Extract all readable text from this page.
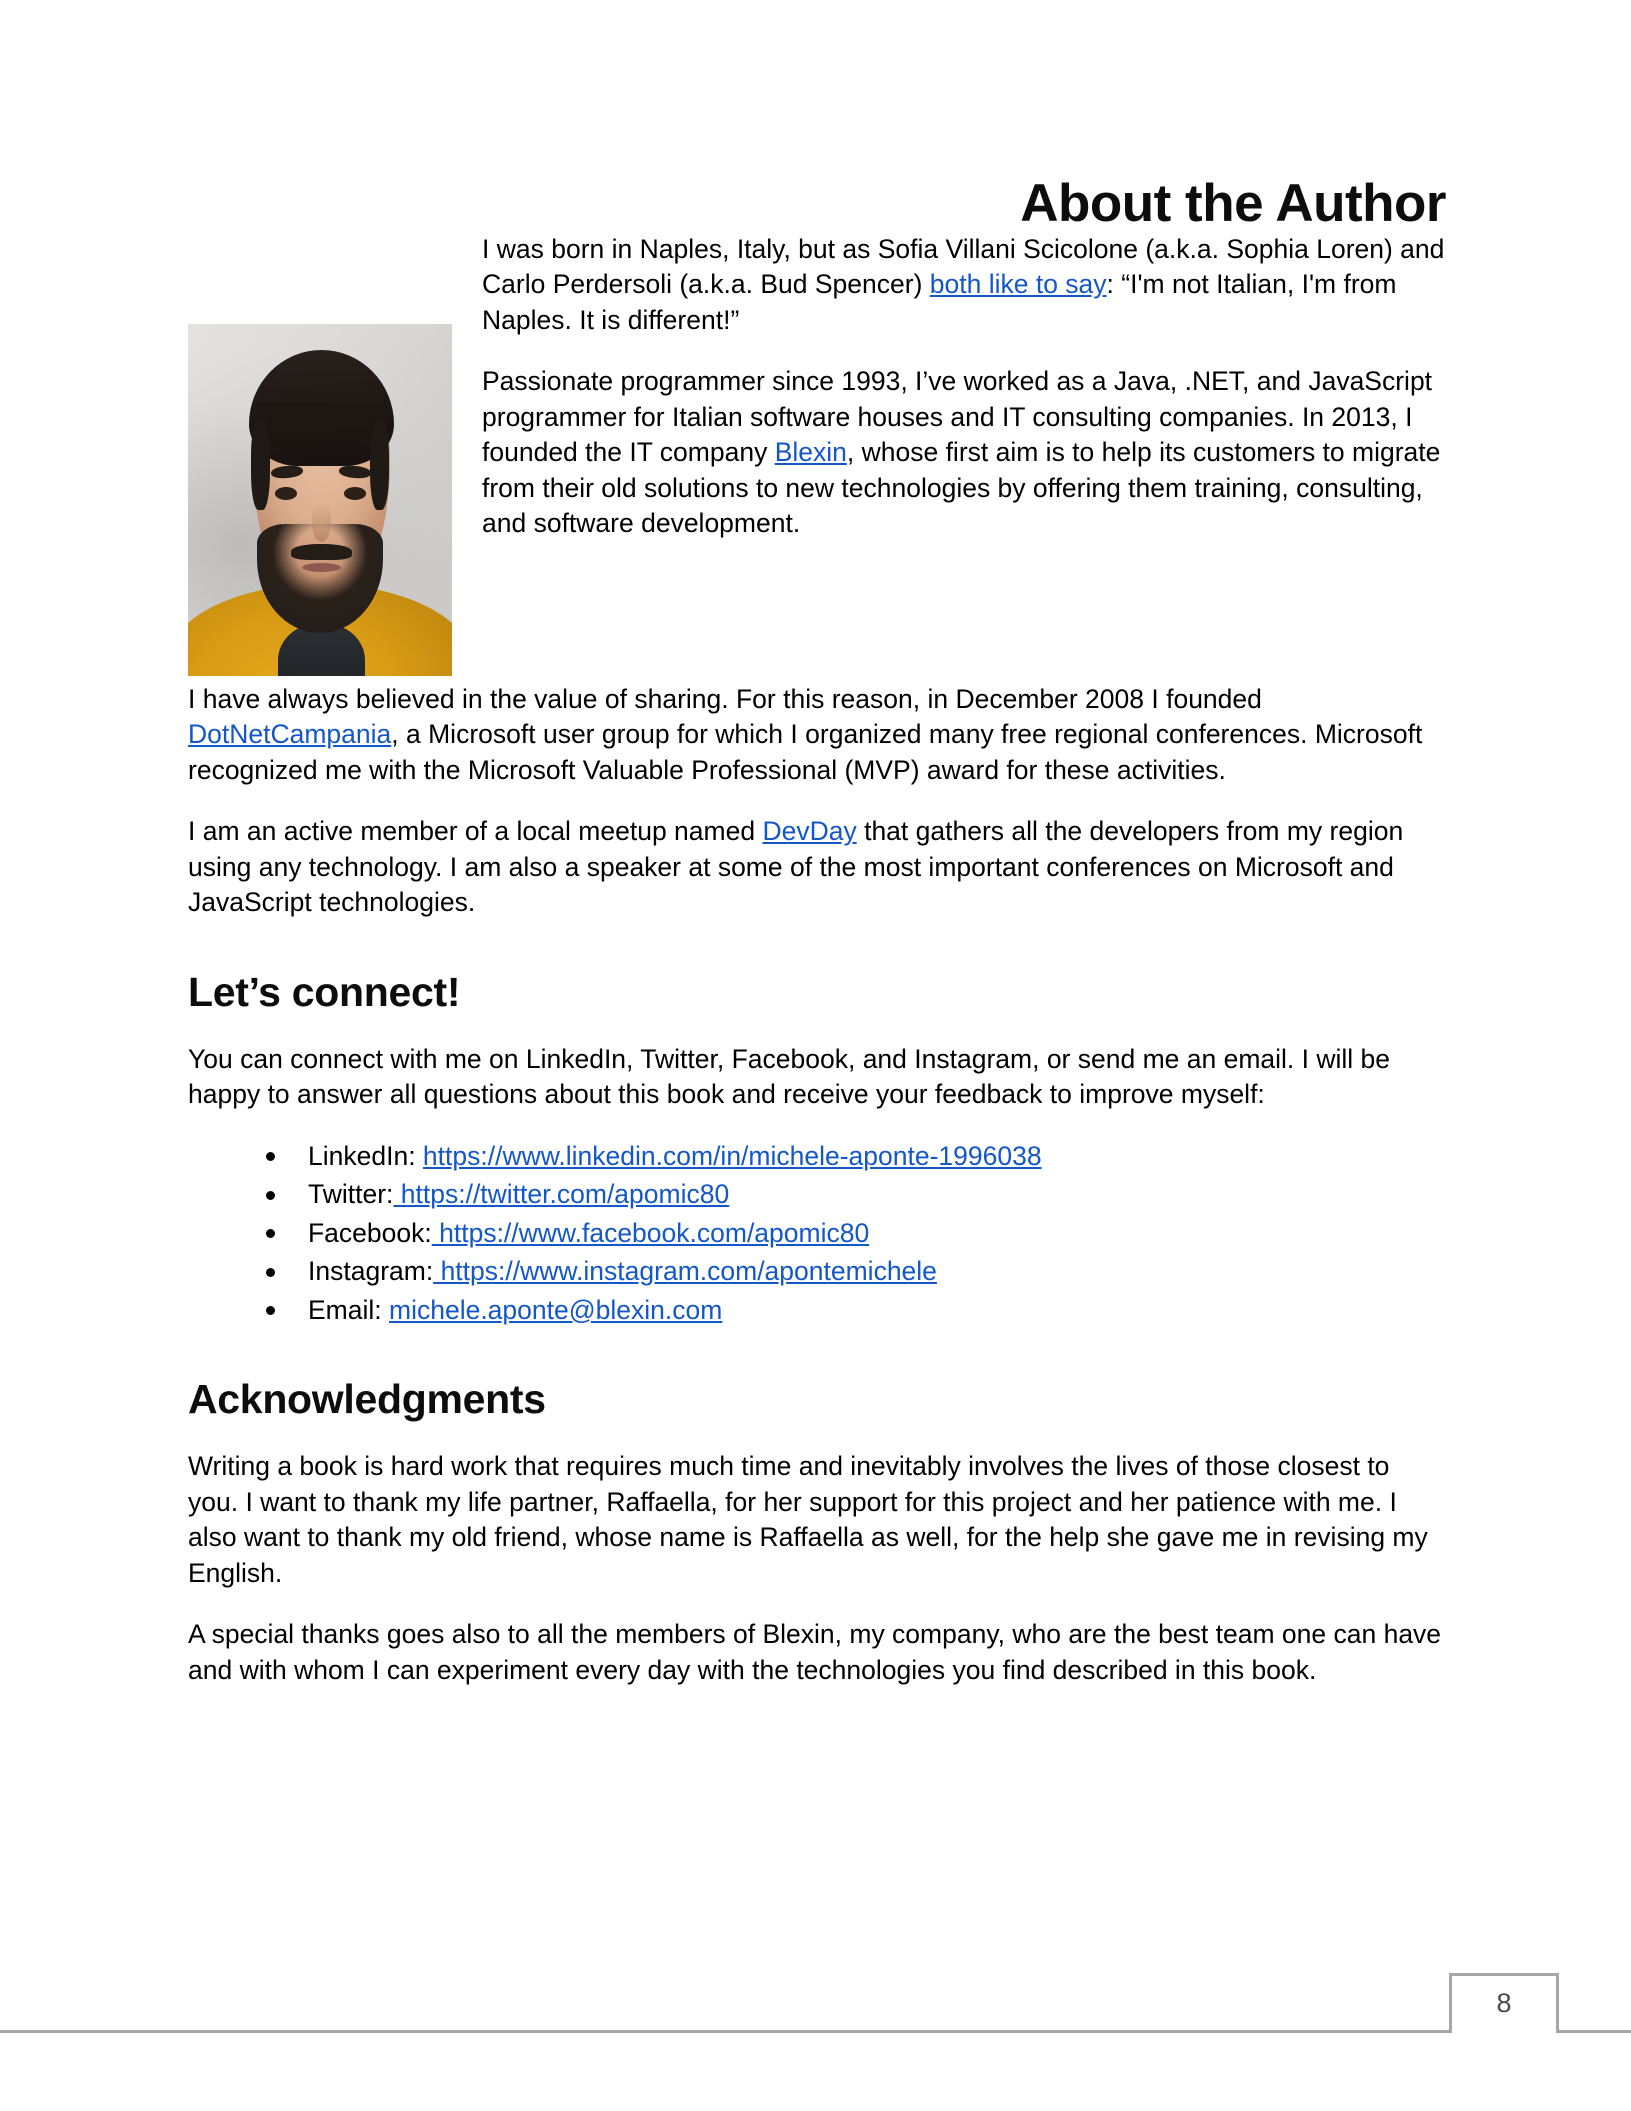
About the Author

I was born in Naples, Italy, but as Sofia Villani Scicolone (a.k.a. Sophia Loren) and Carlo Perdersoli (a.k.a. Bud Spencer) both like to say: “I'm not Italian, I'm from Naples. It is different!”

Passionate programmer since 1993, I’ve worked as a Java, .NET, and JavaScript programmer for Italian software houses and IT consulting companies. In 2013, I founded the IT company Blexin, whose first aim is to help its customers to migrate from their old solutions to new technologies by offering them training, consulting, and software development.

I have always believed in the value of sharing. For this reason, in December 2008 I founded DotNetCampania, a Microsoft user group for which I organized many free regional conferences. Microsoft recognized me with the Microsoft Valuable Professional (MVP) award for these activities.

I am an active member of a local meetup named DevDay that gathers all the developers from my region using any technology. I am also a speaker at some of the most important conferences on Microsoft and JavaScript technologies.

Let’s connect!

You can connect with me on LinkedIn, Twitter, Facebook, and Instagram, or send me an email. I will be happy to answer all questions about this book and receive your feedback to improve myself:

LinkedIn: https://www.linkedin.com/in/michele-aponte-1996038
Twitter: https://twitter.com/apomic80
Facebook: https://www.facebook.com/apomic80
Instagram: https://www.instagram.com/apontemichele
Email: michele.aponte@blexin.com
Acknowledgments

Writing a book is hard work that requires much time and inevitably involves the lives of those closest to you. I want to thank my life partner, Raffaella, for her support for this project and her patience with me. I also want to thank my old friend, whose name is Raffaella as well, for the help she gave me in revising my English.

A special thanks goes also to all the members of Blexin, my company, who are the best team one can have and with whom I can experiment every day with the technologies you find described in this book.

8
